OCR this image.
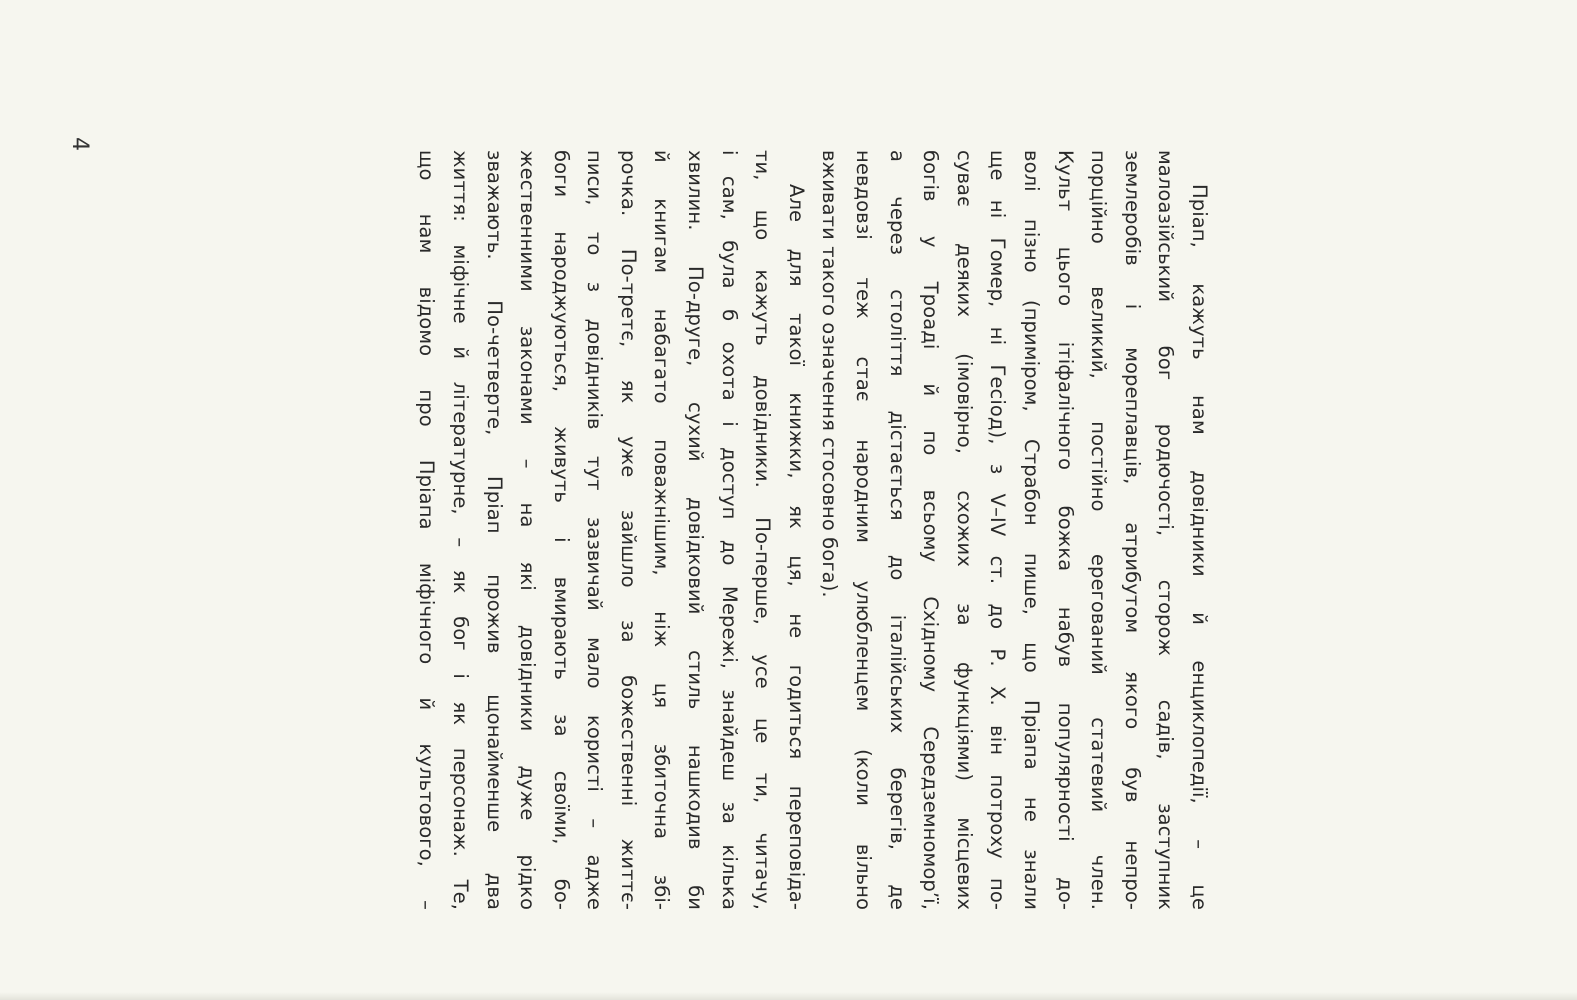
4
Пріап, кажуть нам довідники й енциклопедії, – це
малоазійський бог родючості, сторож садів, заступник
землеробів і мореплавців, атрибутом якого був непро-
порційно великий, постійно ерегований статевий член.
Культ цього ітіфалічного божка набув популярності до-
волі пізно (приміром, Страбон пише, що Пріапа не знали
ще ні Гомер, ні Гесіод), з V–IV ст. до Р. Х. він потроху по-
суває деяких (імовірно, схожих за функціями) місцевих
богів у Троаді й по всьому Східному Середземномор’ї,
а через століття дістається до італійських берегів, де
невдовзі теж стає народним улюбленцем (коли вільно
вживати такого означення стосовно бога).
Але для такої книжки, як ця, не годиться переповіда-
ти, що кажуть довідники. По-перше, усе це ти, читачу,
і сам, була б охота і доступ до Мережі, знайдеш за кілька
хвилин. По-друге, сухий довідковий стиль нашкодив би
й книгам набагато поважнішим, ніж ця збиточна збі-
рочка. По-третє, як уже зайшло за божественні життє-
писи, то з довідників тут зазвичай мало користі – адже
боги народжуються, живуть і вмирають за своїми, бо-
жественними законами – на які довідники дуже рідко
зважають. По-четверте, Пріап прожив щонайменше два
життя: міфічне й літературне, – як бог і як персонаж. Те,
що нам відомо про Пріапа міфічного й культового, –
